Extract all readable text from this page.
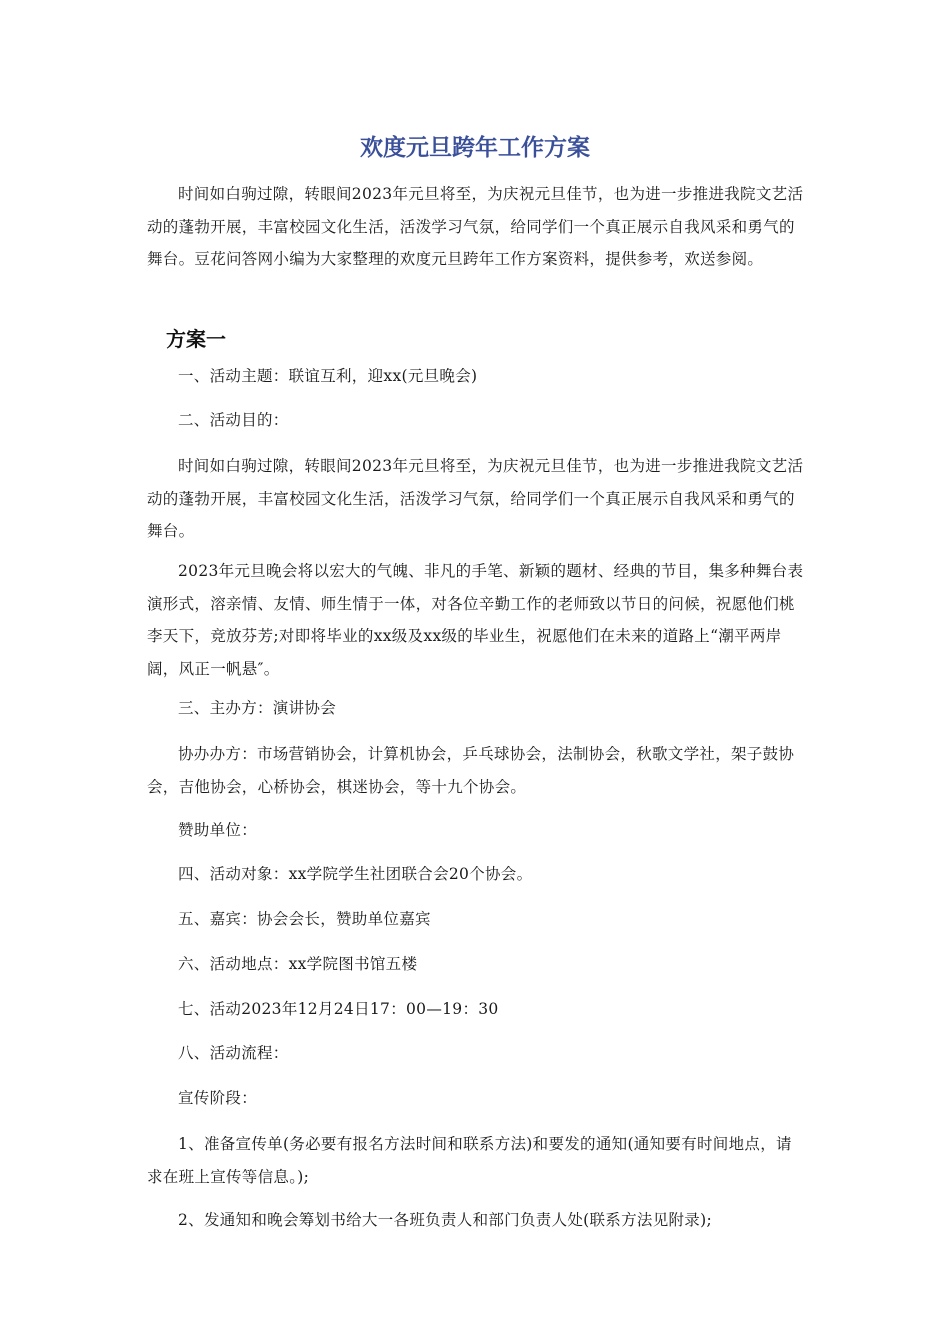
欢度元旦跨年工作方案

时间如白驹过隙，转眼间2023年元旦将至，为庆祝元旦佳节，也为进一步推进我院文艺活动的蓬勃开展，丰富校园文化生活，活泼学习气氛，给同学们一个真正展示自我风采和勇气的舞台。豆花问答网小编为大家整理的欢度元旦跨年工作方案资料，提供参考，欢送参阅。

方案一

一、活动主题：联谊互利，迎xx(元旦晚会)

二、活动目的：

时间如白驹过隙，转眼间2023年元旦将至，为庆祝元旦佳节，也为进一步推进我院文艺活动的蓬勃开展，丰富校园文化生活，活泼学习气氛，给同学们一个真正展示自我风采和勇气的舞台。

2023年元旦晚会将以宏大的气魄、非凡的手笔、新颖的题材、经典的节目，集多种舞台表演形式，溶亲情、友情、师生情于一体，对各位辛勤工作的老师致以节日的问候，祝愿他们桃李天下，竞放芬芳;对即将毕业的xx级及xx级的毕业生，祝愿他们在未来的道路上“潮平两岸阔，风正一帆悬″。

三、主办方：演讲协会

协办办方：市场营销协会，计算机协会，乒乓球协会，法制协会，秋歌文学社，架子鼓协会，吉他协会，心桥协会，棋迷协会，等十九个协会。

赞助单位：

四、活动对象：xx学院学生社团联合会20个协会。

五、嘉宾：协会会长，赞助单位嘉宾

六、活动地点：xx学院图书馆五楼

七、活动2023年12月24日17：00—19：30

八、活动流程：

宣传阶段：

1、准备宣传单(务必要有报名方法时间和联系方法)和要发的通知(通知要有时间地点，请求在班上宣传等信息。);

2、发通知和晚会筹划书给大一各班负责人和部门负责人处(联系方法见附录);
